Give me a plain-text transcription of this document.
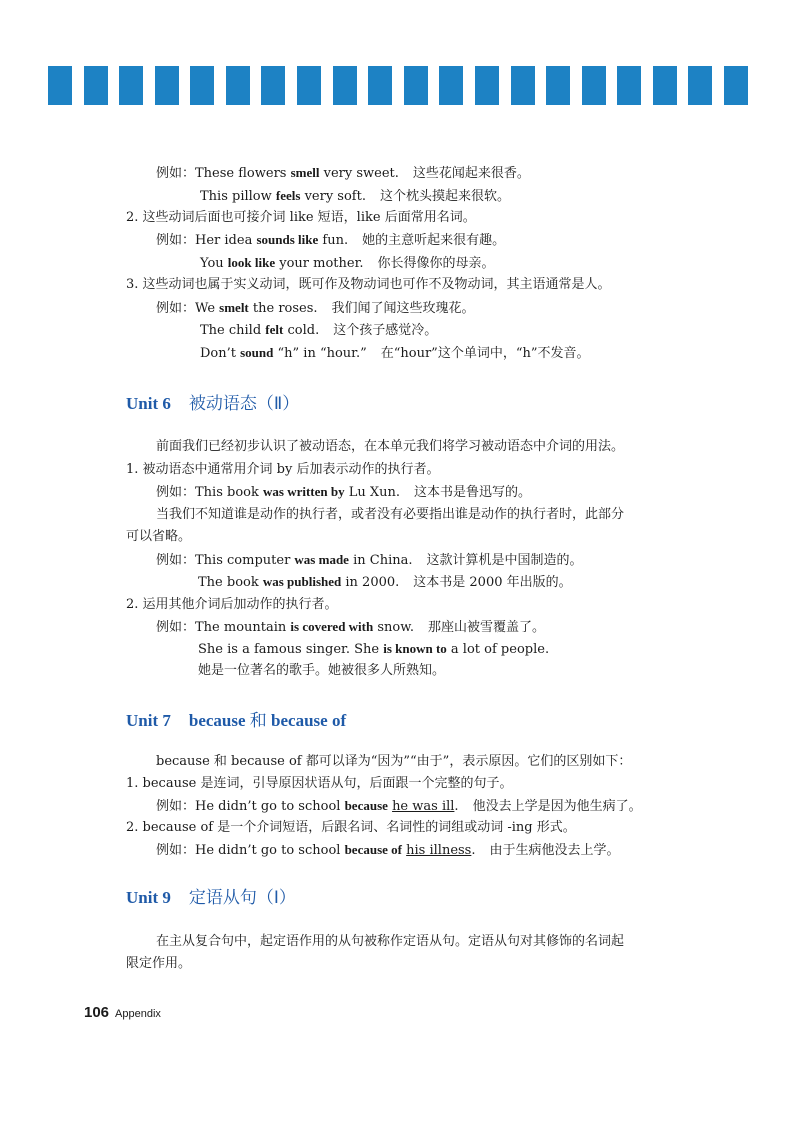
例如：These flowers smell very sweet. 这些花闻起来很香。
This pillow feels very soft. 这个枕头摸起来很软。
2. 这些动词后面也可接介词 like 短语，like 后面常用名词。
例如：Her idea sounds like fun. 她的主意听起来很有趣。
You look like your mother. 你长得像你的母亲。
3. 这些动词也属于实义动词，既可作及物动词也可作不及物动词，其主语通常是人。
例如：We smelt the roses. 我们闻了闻这些玫瑰花。
The child felt cold. 这个孩子感觉冷。
Don’t sound “h” in “hour.” 在“hour”这个单词中，“h”不发音。
Unit 6 被动语态（Ⅱ）
前面我们已经初步认识了被动语态，在本单元我们将学习被动语态中介词的用法。
1. 被动语态中通常用介词 by 后加表示动作的执行者。
例如：This book was written by Lu Xun. 这本书是鲁迅写的。
当我们不知道谁是动作的执行者，或者没有必要指出谁是动作的执行者时，此部分
可以省略。
例如：This computer was made in China. 这款计算机是中国制造的。
The book was published in 2000. 这本书是 2000 年出版的。
2. 运用其他介词后加动作的执行者。
例如：The mountain is covered with snow. 那座山被雪覆盖了。
She is a famous singer. She is known to a lot of people.
她是一位著名的歌手。她被很多人所熟知。
Unit 7 because 和 because of
because 和 because of 都可以译为“因为”“由于”，表示原因。它们的区别如下：
1. because 是连词，引导原因状语从句，后面跟一个完整的句子。
例如：He didn’t go to school because he was ill. 他没去上学是因为他生病了。
2. because of 是一个介词短语，后跟名词、名词性的词组或动词 -ing 形式。
例如：He didn’t go to school because of his illness. 由于生病他没去上学。
Unit 9 定语从句（Ⅰ）
在主从复合句中，起定语作用的从句被称作定语从句。定语从句对其修饰的名词起
限定作用。
106 Appendix
